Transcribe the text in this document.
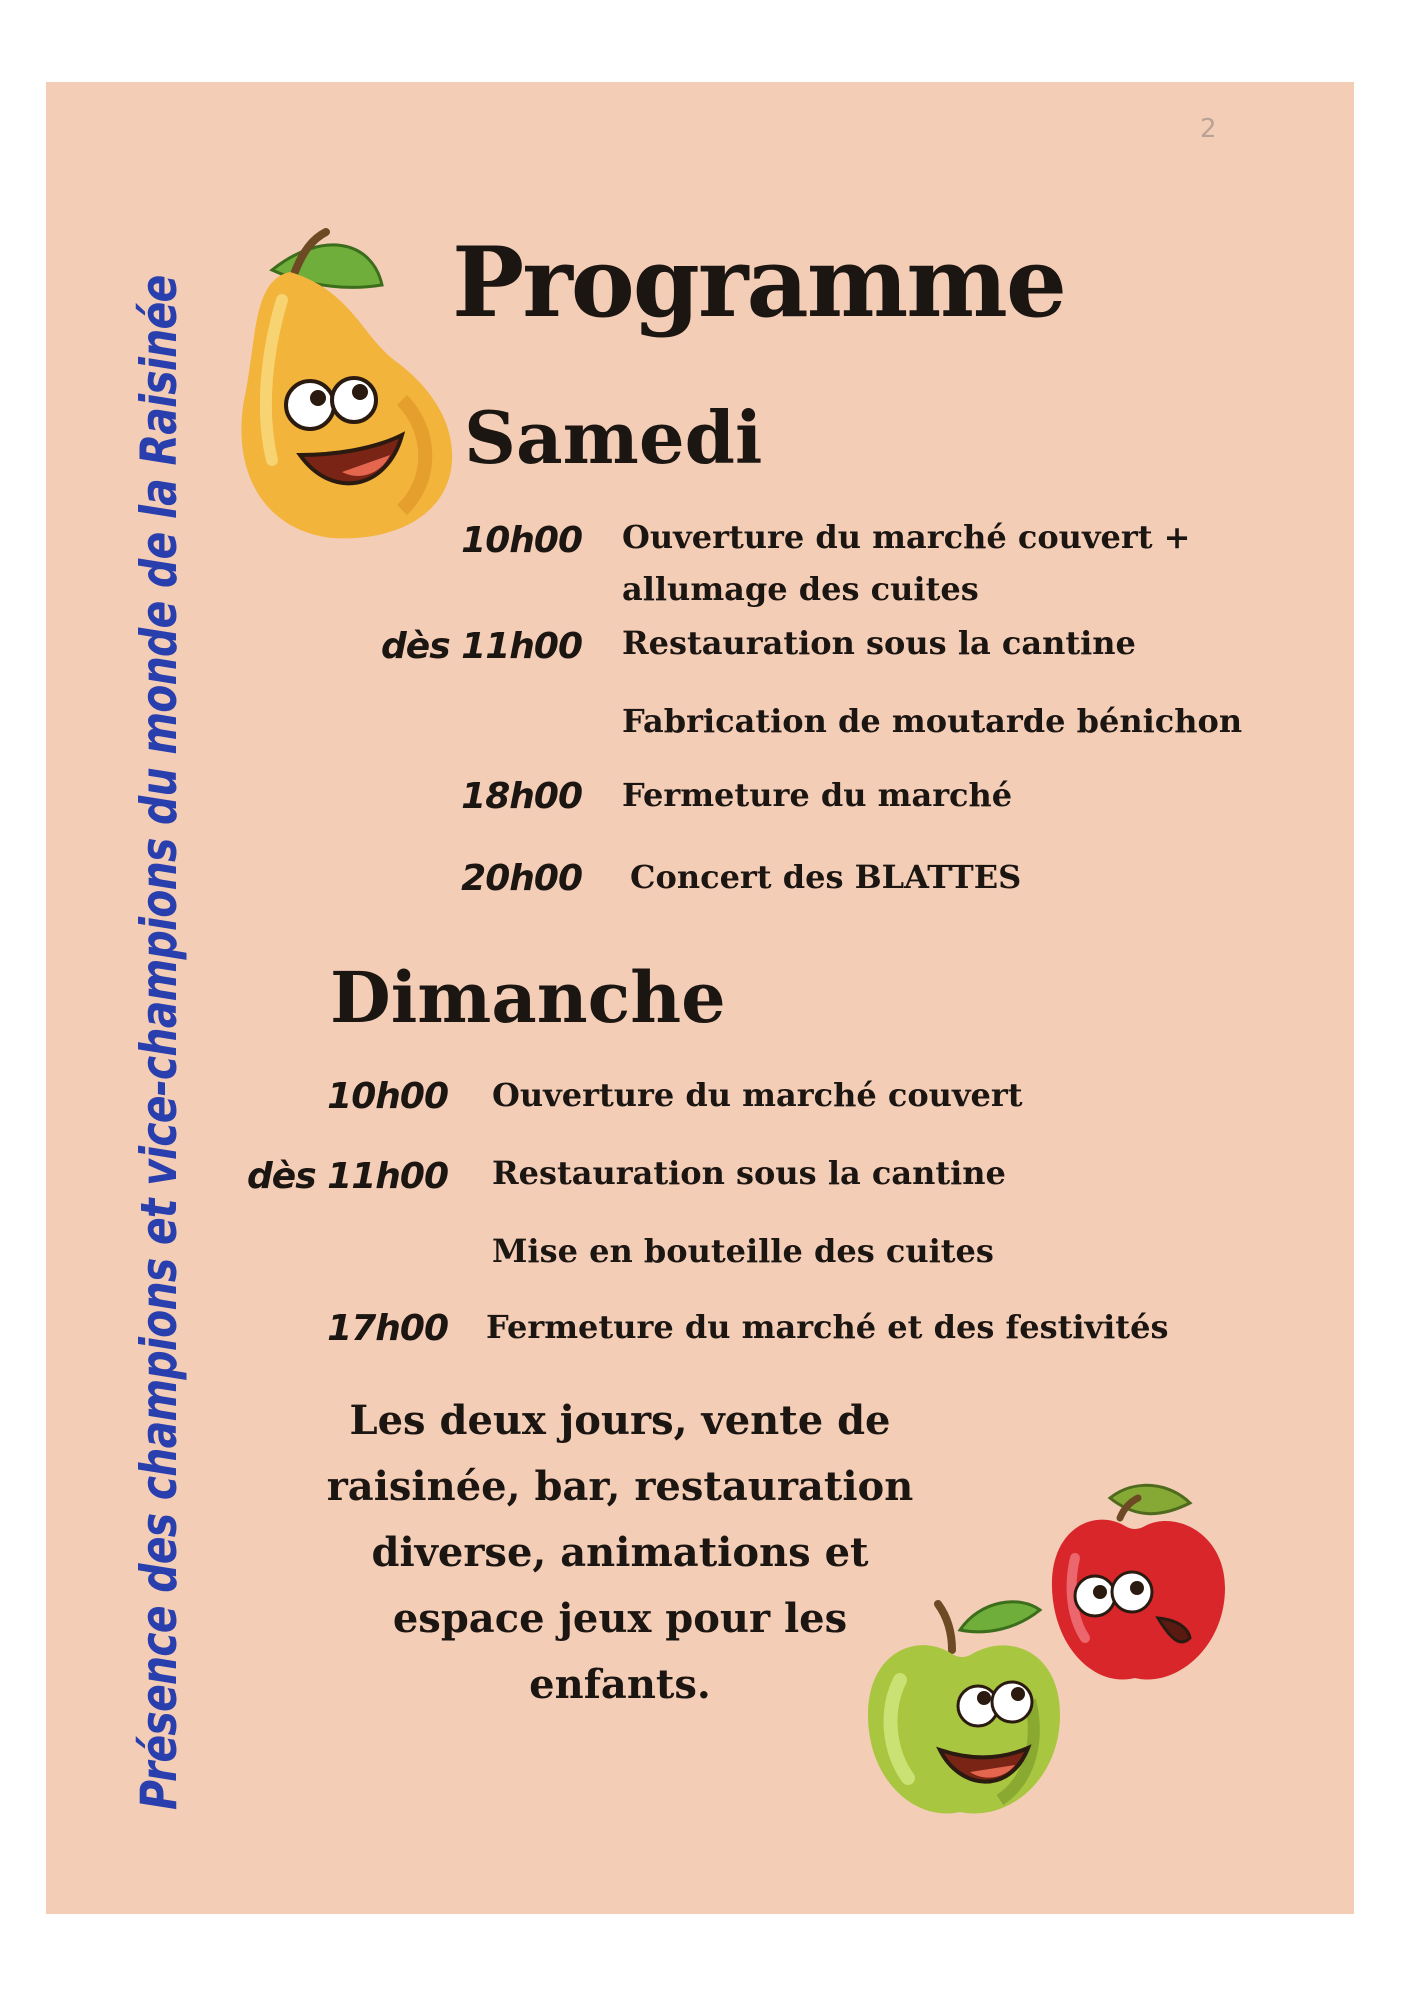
2
Présence des champions et vice-champions du monde de la Raisinée	Programme
Samedi
10h00 Ouverture du marché couvert +
allumage des cuites
dès 11h00 Restauration sous la cantine
Fabrication de moutarde bénichon
18h00 Fermeture du marché
20h00 Concert des BLATTES
Dimanche
10h00 Ouverture du marché couvert
dès 11h00 Restauration sous la cantine
Mise en bouteille des cuites
17h00 Fermeture du marché et des festivités
Les deux jours, vente de
raisinée, bar, restauration
diverse, animations et
espace jeux pour les
enfants.
